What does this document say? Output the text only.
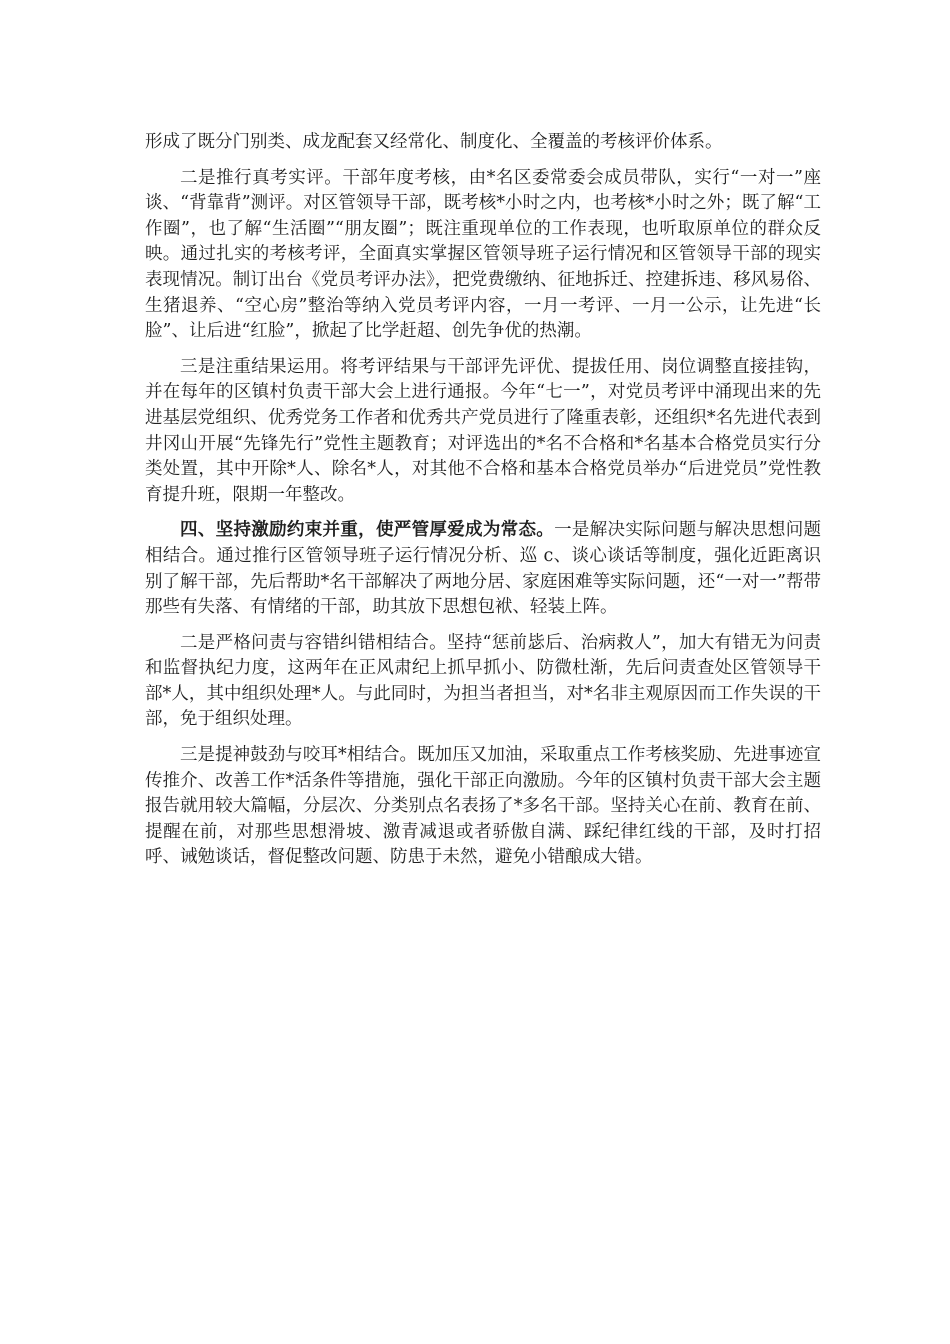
形成了既分门别类、成龙配套又经常化、制度化、全覆盖的考核评价体系。

二是推行真考实评。干部年度考核，由*名区委常委会成员带队，实行“一对一”座谈、“背靠背”测评。对区管领导干部，既考核*小时之内，也考核*小时之外；既了解“工作圈”，也了解“生活圈”“朋友圈”；既注重现单位的工作表现，也听取原单位的群众反映。通过扎实的考核考评，全面真实掌握区管领导班子运行情况和区管领导干部的现实表现情况。制订出台《党员考评办法》，把党费缴纳、征地拆迁、控建拆违、移风易俗、生猪退养、“空心房”整治等纳入党员考评内容，一月一考评、一月一公示，让先进“长脸”、让后进“红脸”，掀起了比学赶超、创先争优的热潮。

三是注重结果运用。将考评结果与干部评先评优、提拔任用、岗位调整直接挂钩，并在每年的区镇村负责干部大会上进行通报。今年“七一”，对党员考评中涌现出来的先进基层党组织、优秀党务工作者和优秀共产党员进行了隆重表彰，还组织*名先进代表到井冈山开展“先锋先行”党性主题教育；对评选出的*名不合格和*名基本合格党员实行分类处置，其中开除*人、除名*人，对其他不合格和基本合格党员举办“后进党员”党性教育提升班，限期一年整改。

四、坚持激励约束并重，使严管厚爱成为常态。一是解决实际问题与解决思想问题相结合。通过推行区管领导班子运行情况分析、巡 c、谈心谈话等制度，强化近距离识别了解干部，先后帮助*名干部解决了两地分居、家庭困难等实际问题，还“一对一”帮带那些有失落、有情绪的干部，助其放下思想包袱、轻装上阵。

二是严格问责与容错纠错相结合。坚持“惩前毖后、治病救人”，加大有错无为问责和监督执纪力度，这两年在正风肃纪上抓早抓小、防微杜渐，先后问责查处区管领导干部*人，其中组织处理*人。与此同时，为担当者担当，对*名非主观原因而工作失误的干部，免于组织处理。

三是提神鼓劲与咬耳*相结合。既加压又加油，采取重点工作考核奖励、先进事迹宣传推介、改善工作*活条件等措施，强化干部正向激励。今年的区镇村负责干部大会主题报告就用较大篇幅，分层次、分类别点名表扬了*多名干部。坚持关心在前、教育在前、提醒在前，对那些思想滑坡、激青减退或者骄傲自满、踩纪律红线的干部，及时打招呼、诫勉谈话，督促整改问题、防患于未然，避免小错酿成大错。
